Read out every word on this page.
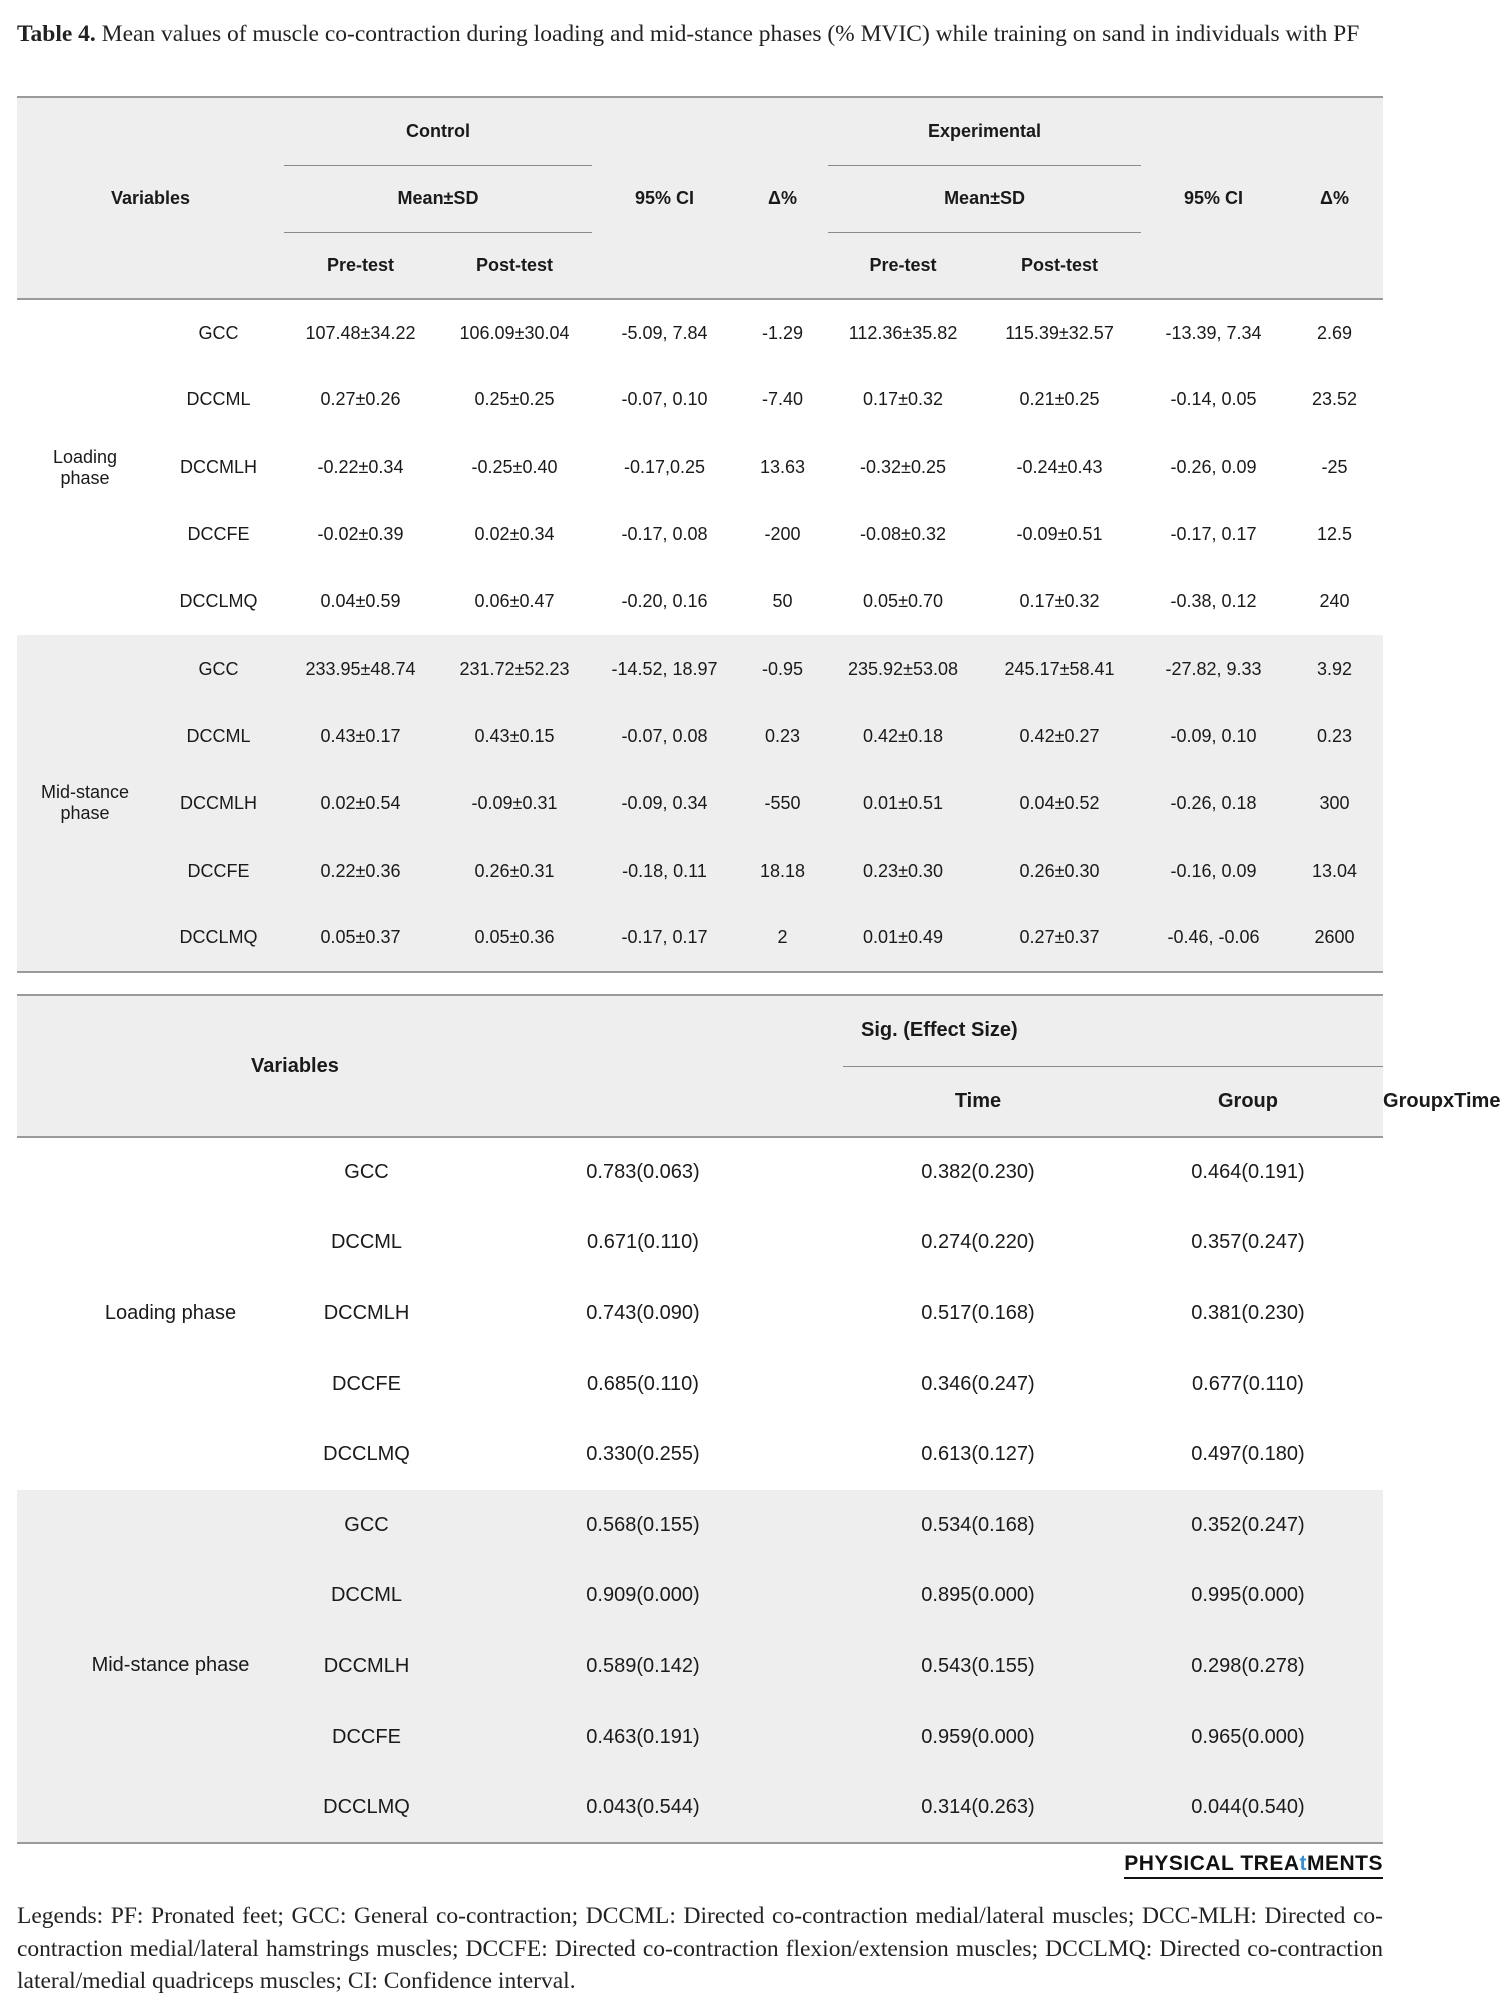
Table 4. Mean values of muscle co-contraction during loading and mid-stance phases (% MVIC) while training on sand in individuals with PF
Variables		Control				Experimental			
		Mean±SD		95% CI	Δ%	Mean±SD		95% CI	Δ%
		Pre-test	Post-test			Pre-test	Post-test		
Loading phase	GCC	107.48±34.22	106.09±30.04	-5.09, 7.84	-1.29	112.36±35.82	115.39±32.57	-13.39, 7.34	2.69
	DCCML	0.27±0.26	0.25±0.25	-0.07, 0.10	-7.40	0.17±0.32	0.21±0.25	-0.14, 0.05	23.52
	DCCMLH	-0.22±0.34	-0.25±0.40	-0.17,0.25	13.63	-0.32±0.25	-0.24±0.43	-0.26, 0.09	-25
	DCCFE	-0.02±0.39	0.02±0.34	-0.17, 0.08	-200	-0.08±0.32	-0.09±0.51	-0.17, 0.17	12.5
	DCCLMQ	0.04±0.59	0.06±0.47	-0.20, 0.16	50	0.05±0.70	0.17±0.32	-0.38, 0.12	240
Mid-stance phase	GCC	233.95±48.74	231.72±52.23	-14.52, 18.97	-0.95	235.92±53.08	245.17±58.41	-27.82, 9.33	3.92
	DCCML	0.43±0.17	0.43±0.15	-0.07, 0.08	0.23	0.42±0.18	0.42±0.27	-0.09, 0.10	0.23
	DCCMLH	0.02±0.54	-0.09±0.31	-0.09, 0.34	-550	0.01±0.51	0.04±0.52	-0.26, 0.18	300
	DCCFE	0.22±0.36	0.26±0.31	-0.18, 0.11	18.18	0.23±0.30	0.26±0.30	-0.16, 0.09	13.04
	DCCLMQ	0.05±0.37	0.05±0.36	-0.17, 0.17	2	0.01±0.49	0.27±0.37	-0.46, -0.06	2600
Variables			Sig. (Effect Size)		
			Time	Group	GroupxTime
Loading phase	GCC	0.783(0.063)	0.382(0.230)	0.464(0.191)	
	DCCML	0.671(0.110)	0.274(0.220)	0.357(0.247)	
	DCCMLH	0.743(0.090)	0.517(0.168)	0.381(0.230)	
	DCCFE	0.685(0.110)	0.346(0.247)	0.677(0.110)	
	DCCLMQ	0.330(0.255)	0.613(0.127)	0.497(0.180)	
Mid-stance phase	GCC	0.568(0.155)	0.534(0.168)	0.352(0.247)	
	DCCML	0.909(0.000)	0.895(0.000)	0.995(0.000)	
	DCCMLH	0.589(0.142)	0.543(0.155)	0.298(0.278)	
	DCCFE	0.463(0.191)	0.959(0.000)	0.965(0.000)	
	DCCLMQ	0.043(0.544)	0.314(0.263)	0.044(0.540)	
PHYSICAL TREAtMENTS
Legends: PF: Pronated feet; GCC: General co-contraction; DCCML: Directed co-contraction medial/lateral muscles; DCC-MLH: Directed co-contraction medial/lateral hamstrings muscles; DCCFE: Directed co-contraction flexion/extension muscles; DCCLMQ: Directed co-contraction lateral/medial quadriceps muscles; CI: Confidence interval.
